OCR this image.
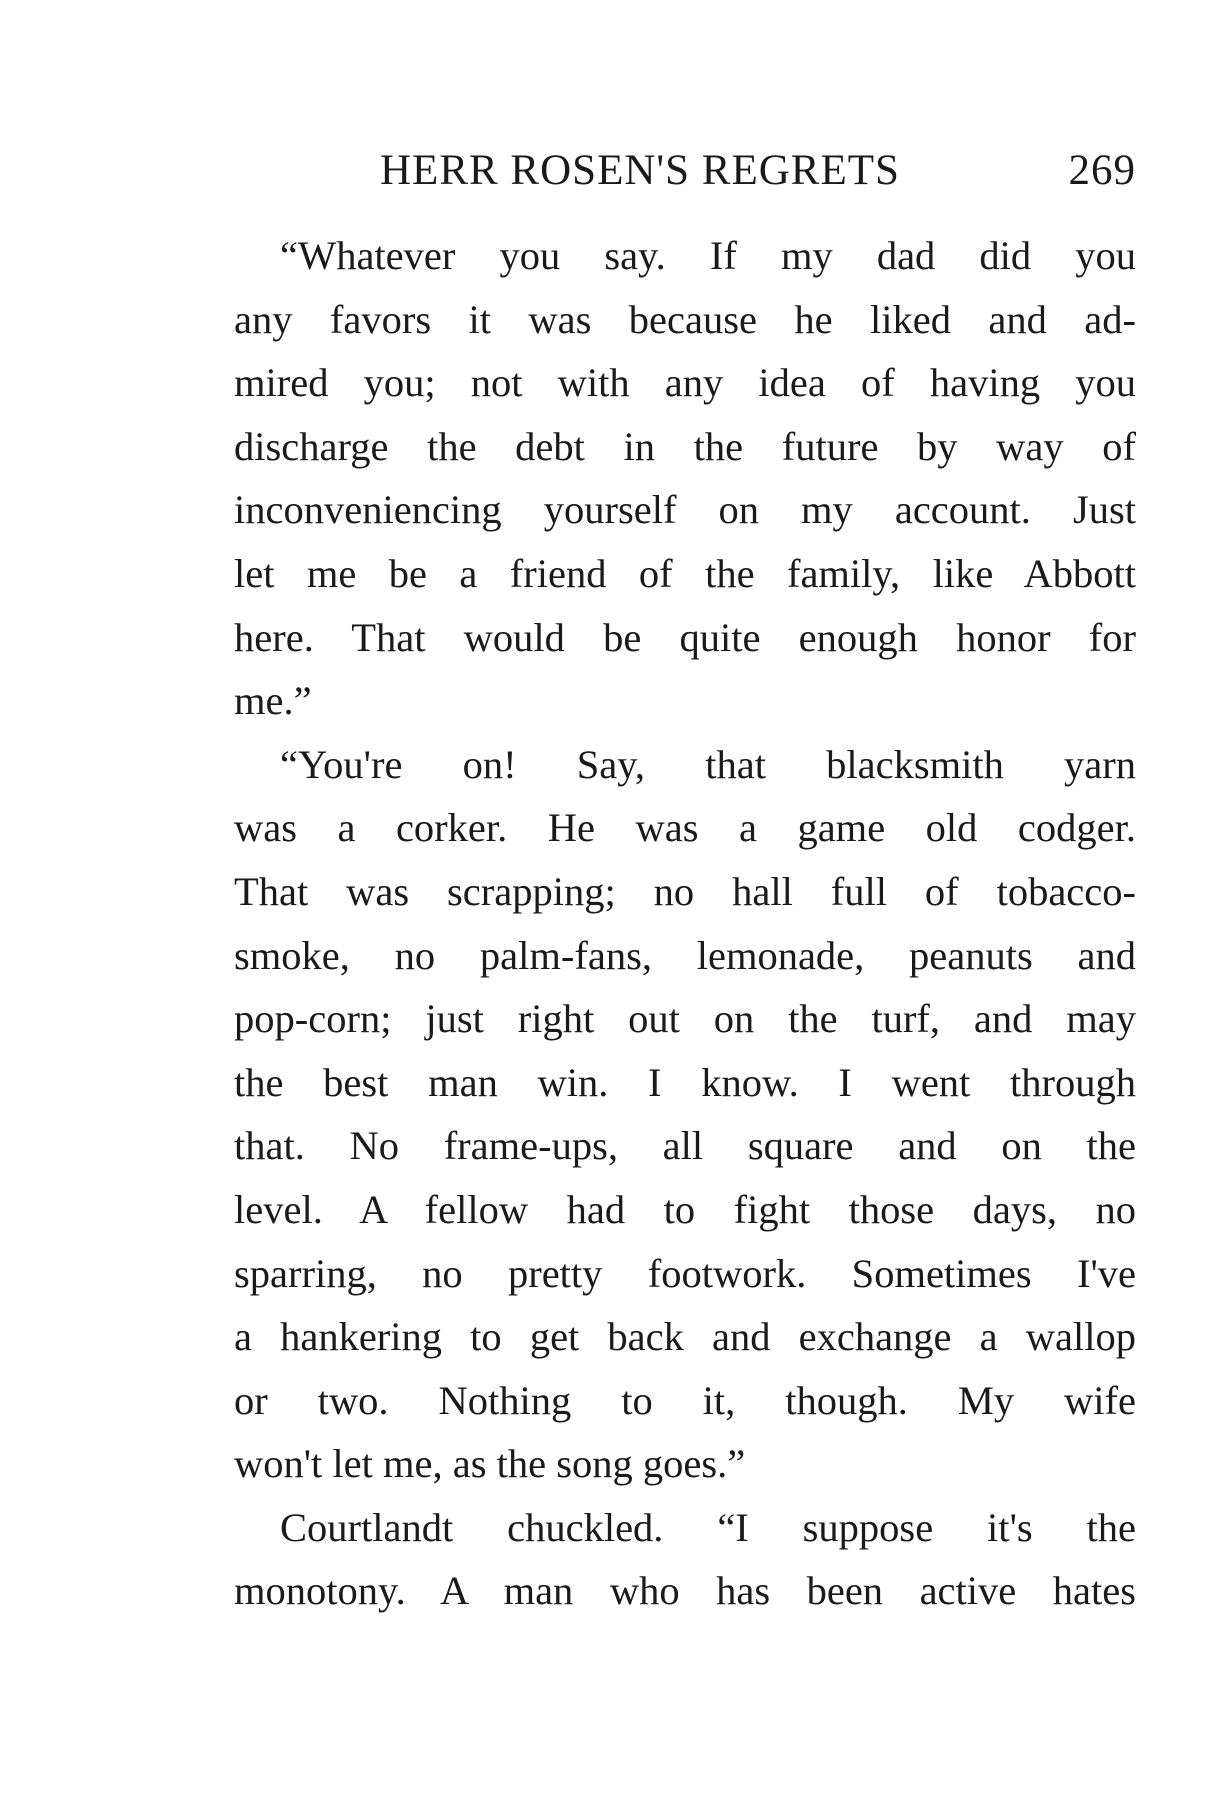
HERR ROSEN'S REGRETS	269

“Whatever you say. If my dad did you
any favors it was because he liked and ad-
mired you; not with any idea of having you
discharge the debt in the future by way of
inconveniencing yourself on my account. Just
let me be a friend of the family, like Abbott
here. That would be quite enough honor for
me.”

“You're on! Say, that blacksmith yarn
was a corker. He was a game old codger.
That was scrapping; no hall full of tobacco-
smoke, no palm-fans, lemonade, peanuts and
pop-corn; just right out on the turf, and may
the best man win. I know. I went through
that. No frame-ups, all square and on the
level. A fellow had to fight those days, no
sparring, no pretty footwork. Sometimes I've
a hankering to get back and exchange a wallop
or two. Nothing to it, though. My wife
won't let me, as the song goes.”

Courtlandt chuckled. “I suppose it's the
monotony. A man who has been active hates
